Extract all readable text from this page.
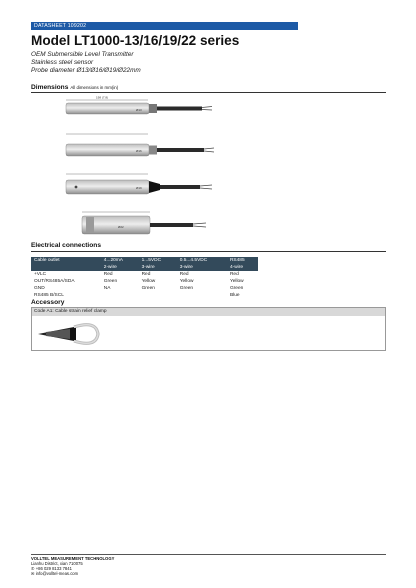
DATASHEET 109202
Model LT1000-13/16/19/22 series
OEM Submersible Level Transmitter
Stainless steel sensor
Probe diameter Ø13/Ø16/Ø19/Ø22mm
Dimensions All dimensions in mm(in)
198 (7.8)
Ø13
Ø16
Ø19
Ø22
Electrical connections
Cable outlet	4...20mA	1...5VDC	0.5...4.5VDC	RS485
	2-wire	3-wire	3-wire	4-wire
+VLC	Red	Red	Red	Red
OUT/RS485A/SDA	Green	Yellow	Yellow	Yellow
GND	NA	Green	Green	Green
RS485 B/SCL				Blue
Accessory
Code A1: Cable strain relief clamp
VOLLTEL MEASUREMENT TECHNOLOGY
Lianhu District, xian 710075
✆ +86 029 8133 7841
✉ info@volltel-meas.com
